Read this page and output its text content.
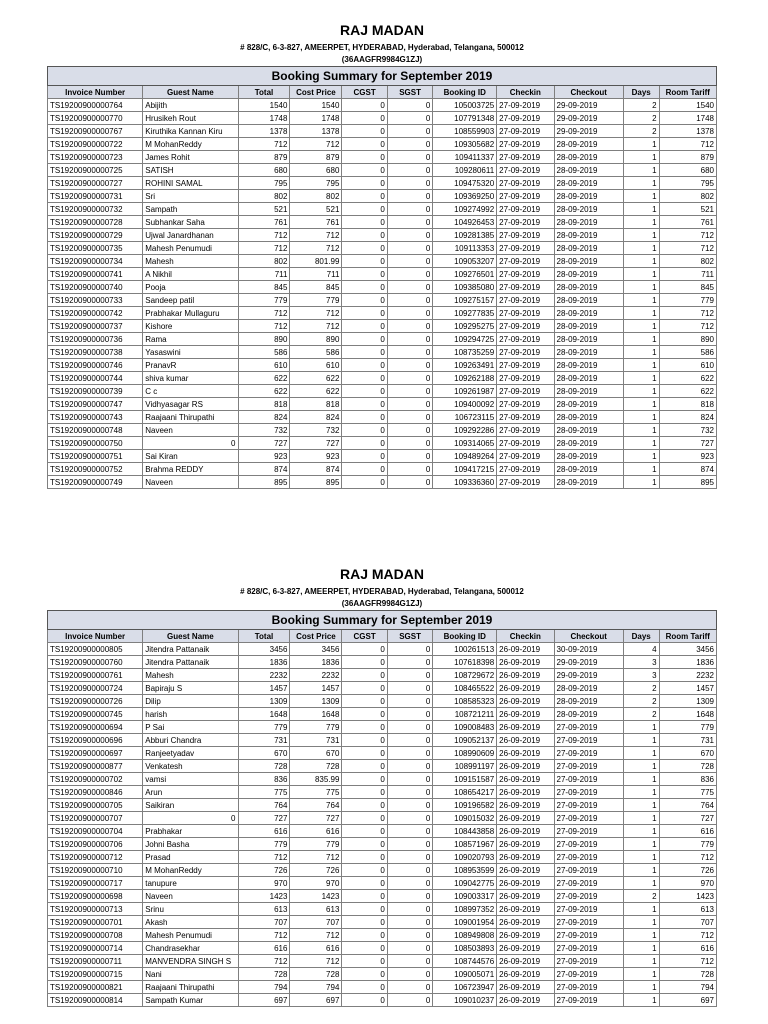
RAJ MADAN
# 828/C, 6-3-827, AMEERPET, HYDERABAD, Hyderabad, Telangana, 500012
(36AAGFR9984G1ZJ)
Booking Summary for September 2019										
Invoice Number	Guest Name	Total	Cost Price	CGST	SGST	Booking ID	Checkin	Checkout	Days	Room Tariff
TS19200900000764	Abijith	1540	1540	0	0	105003725	27-09-2019	29-09-2019	2	1540
TS19200900000770	Hrusikeh Rout	1748	1748	0	0	107791348	27-09-2019	29-09-2019	2	1748
TS19200900000767	Kiruthika Kannan Kiru	1378	1378	0	0	108559903	27-09-2019	29-09-2019	2	1378
TS19200900000722	M MohanReddy	712	712	0	0	109305682	27-09-2019	28-09-2019	1	712
TS19200900000723	James Rohit	879	879	0	0	109411337	27-09-2019	28-09-2019	1	879
TS19200900000725	SATISH	680	680	0	0	109280611	27-09-2019	28-09-2019	1	680
TS19200900000727	ROHINI SAMAL	795	795	0	0	109475320	27-09-2019	28-09-2019	1	795
TS19200900000731	Sri	802	802	0	0	109369250	27-09-2019	28-09-2019	1	802
TS19200900000732	Sampath	521	521	0	0	109274992	27-09-2019	28-09-2019	1	521
TS19200900000728	Subhankar Saha	761	761	0	0	104926453	27-09-2019	28-09-2019	1	761
TS19200900000729	Ujwal Janardhanan	712	712	0	0	109281385	27-09-2019	28-09-2019	1	712
TS19200900000735	Mahesh Penumudi	712	712	0	0	109113353	27-09-2019	28-09-2019	1	712
TS19200900000734	Mahesh	802	801.99	0	0	109053207	27-09-2019	28-09-2019	1	802
TS19200900000741	A Nikhil	711	711	0	0	109276501	27-09-2019	28-09-2019	1	711
TS19200900000740	Pooja	845	845	0	0	109385080	27-09-2019	28-09-2019	1	845
TS19200900000733	Sandeep patil	779	779	0	0	109275157	27-09-2019	28-09-2019	1	779
TS19200900000742	Prabhakar Mullaguru	712	712	0	0	109277835	27-09-2019	28-09-2019	1	712
TS19200900000737	Kishore	712	712	0	0	109295275	27-09-2019	28-09-2019	1	712
TS19200900000736	Rama	890	890	0	0	109294725	27-09-2019	28-09-2019	1	890
TS19200900000738	Yasaswini	586	586	0	0	108735259	27-09-2019	28-09-2019	1	586
TS19200900000746	PranavR	610	610	0	0	109263491	27-09-2019	28-09-2019	1	610
TS19200900000744	shiva kumar	622	622	0	0	109262188	27-09-2019	28-09-2019	1	622
TS19200900000739	C c	622	622	0	0	109261987	27-09-2019	28-09-2019	1	622
TS19200900000747	Vidhyasagar RS	818	818	0	0	109400092	27-09-2019	28-09-2019	1	818
TS19200900000743	Raajaani Thirupathi	824	824	0	0	106723115	27-09-2019	28-09-2019	1	824
TS19200900000748	Naveen	732	732	0	0	109292286	27-09-2019	28-09-2019	1	732
TS19200900000750	0	727	727	0	0	109314065	27-09-2019	28-09-2019	1	727
TS19200900000751	Sai Kiran	923	923	0	0	109489264	27-09-2019	28-09-2019	1	923
TS19200900000752	Brahma REDDY	874	874	0	0	109417215	27-09-2019	28-09-2019	1	874
TS19200900000749	Naveen	895	895	0	0	109336360	27-09-2019	28-09-2019	1	895
RAJ MADAN
# 828/C, 6-3-827, AMEERPET, HYDERABAD, Hyderabad, Telangana, 500012
(36AAGFR9984G1ZJ)
Booking Summary for September 2019										
Invoice Number	Guest Name	Total	Cost Price	CGST	SGST	Booking ID	Checkin	Checkout	Days	Room Tariff
TS19200900000805	Jitendra Pattanaik	3456	3456	0	0	100261513	26-09-2019	30-09-2019	4	3456
TS19200900000760	Jitendra Pattanaik	1836	1836	0	0	107618398	26-09-2019	29-09-2019	3	1836
TS19200900000761	Mahesh	2232	2232	0	0	108729672	26-09-2019	29-09-2019	3	2232
TS19200900000724	Bapiraju S	1457	1457	0	0	108465522	26-09-2019	28-09-2019	2	1457
TS19200900000726	Dilip	1309	1309	0	0	108585323	26-09-2019	28-09-2019	2	1309
TS19200900000745	harish	1648	1648	0	0	108721211	26-09-2019	28-09-2019	2	1648
TS19200900000694	P Sai	779	779	0	0	109008483	26-09-2019	27-09-2019	1	779
TS19200900000696	Abburi Chandra	731	731	0	0	109052137	26-09-2019	27-09-2019	1	731
TS19200900000697	Ranjeetyadav	670	670	0	0	108990609	26-09-2019	27-09-2019	1	670
TS19200900000877	Venkatesh	728	728	0	0	108991197	26-09-2019	27-09-2019	1	728
TS19200900000702	vamsi	836	835.99	0	0	109151587	26-09-2019	27-09-2019	1	836
TS19200900000846	Arun	775	775	0	0	108654217	26-09-2019	27-09-2019	1	775
TS19200900000705	Saikiran	764	764	0	0	109196582	26-09-2019	27-09-2019	1	764
TS19200900000707	0	727	727	0	0	109015032	26-09-2019	27-09-2019	1	727
TS19200900000704	Prabhakar	616	616	0	0	108443858	26-09-2019	27-09-2019	1	616
TS19200900000706	Johni Basha	779	779	0	0	108571967	26-09-2019	27-09-2019	1	779
TS19200900000712	Prasad	712	712	0	0	109020793	26-09-2019	27-09-2019	1	712
TS19200900000710	M MohanReddy	726	726	0	0	108953599	26-09-2019	27-09-2019	1	726
TS19200900000717	tanupure	970	970	0	0	109042775	26-09-2019	27-09-2019	1	970
TS19200900000698	Naveen	1423	1423	0	0	109003317	26-09-2019	27-09-2019	2	1423
TS19200900000713	Srinu	613	613	0	0	108997352	26-09-2019	27-09-2019	1	613
TS19200900000701	Akash	707	707	0	0	109001954	26-09-2019	27-09-2019	1	707
TS19200900000708	Mahesh Penumudi	712	712	0	0	108949808	26-09-2019	27-09-2019	1	712
TS19200900000714	Chandrasekhar	616	616	0	0	108503893	26-09-2019	27-09-2019	1	616
TS19200900000711	MANVENDRA SINGH S	712	712	0	0	108744576	26-09-2019	27-09-2019	1	712
TS19200900000715	Nani	728	728	0	0	109005071	26-09-2019	27-09-2019	1	728
TS19200900000821	Raajaani Thirupathi	794	794	0	0	106723947	26-09-2019	27-09-2019	1	794
TS19200900000814	Sampath Kumar	697	697	0	0	109010237	26-09-2019	27-09-2019	1	697
